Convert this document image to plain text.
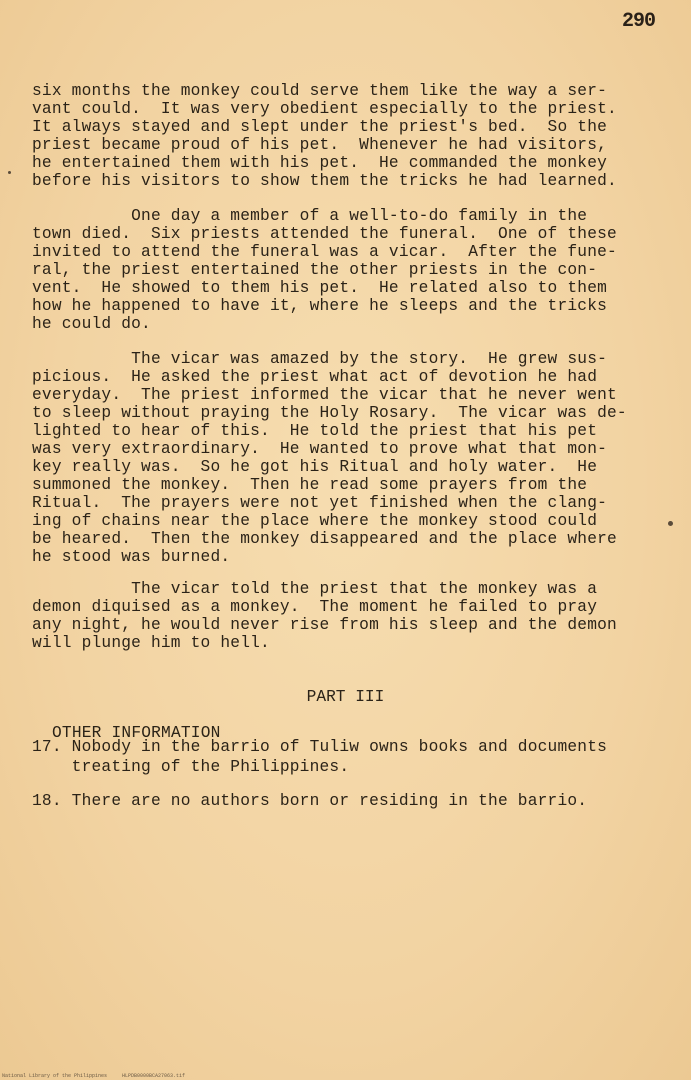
290
six months the monkey could serve them like the way a ser-
vant could.  It was very obedient especially to the priest.
It always stayed and slept under the priest's bed.  So the
priest became proud of his pet.  Whenever he had visitors,
he entertained them with his pet.  He commanded the monkey
before his visitors to show them the tricks he had learned.
One day a member of a well-to-do family in the
town died.  Six priests attended the funeral.  One of these
invited to attend the funeral was a vicar.  After the fune-
ral, the priest entertained the other priests in the con-
vent.  He showed to them his pet.  He related also to them
how he happened to have it, where he sleeps and the tricks
he could do.
The vicar was amazed by the story.  He grew sus-
picious.  He asked the priest what act of devotion he had
everyday.  The priest informed the vicar that he never went
to sleep without praying the Holy Rosary.  The vicar was de-
lighted to hear of this.  He told the priest that his pet
was very extraordinary.  He wanted to prove what that mon-
key really was.  So he got his Ritual and holy water.  He
summoned the monkey.  Then he read some prayers from the
Ritual.  The prayers were not yet finished when the clang-
ing of chains near the place where the monkey stood could
be heared.  Then the monkey disappeared and the place where
he stood was burned.
The vicar told the priest that the monkey was a
demon diquised as a monkey.  The moment he failed to pray
any night, he would never rise from his sleep and the demon
will plunge him to hell.
PART III
OTHER INFORMATION
17. Nobody in the barrio of Tuliw owns books and documents
treating of the Philippines.
18. There are no authors born or residing in the barrio.
National Library of the Philippines     HLPDB0000BCA27063.tif
